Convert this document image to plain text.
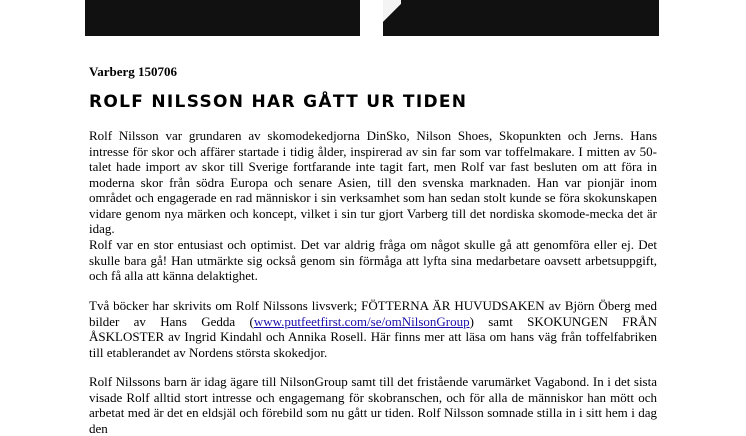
Varberg 150706
ROLF NILSSON HAR GÅTT UR TIDEN

Rolf Nilsson var grundaren av skomodekedjorna DinSko, Nilson Shoes, Skopunkten och Jerns. Hans intresse för skor och affärer startade i tidig ålder, inspirerad av sin far som var toffelmakare. I mitten av 50-talet hade import av skor till Sverige fortfarande inte tagit fart, men Rolf var fast besluten om att föra in moderna skor från södra Europa och senare Asien, till den svenska marknaden. Han var pionjär inom området och engagerade en rad människor i sin verksamhet som han sedan stolt kunde se föra skokunskapen vidare genom nya märken och koncept, vilket i sin tur gjort Varberg till det nordiska skomode-mecka det är idag.

Rolf var en stor entusiast och optimist. Det var aldrig fråga om något skulle gå att genomföra eller ej. Det skulle bara gå! Han utmärkte sig också genom sin förmåga att lyfta sina medarbetare oavsett arbetsuppgift, och få alla att känna delaktighet.

Två böcker har skrivits om Rolf Nilssons livsverk; FÖTTERNA ÄR HUVUDSAKEN av Björn Öberg med bilder av Hans Gedda (www.putfeetfirst.com/se/omNilsonGroup) samt SKOKUNGEN FRÅN ÅSKLOSTER av Ingrid Kindahl och Annika Rosell. Här finns mer att läsa om hans väg från toffelfabriken till etablerandet av Nordens största skokedjor.

Rolf Nilssons barn är idag ägare till NilsonGroup samt till det fristående varumärket Vagabond. In i det sista visade Rolf alltid stort intresse och engagemang för skobranschen, och för alla de människor han mött och arbetat med är det en eldsjäl och förebild som nu gått ur tiden. Rolf Nilsson somnade stilla in i sitt hem i dag den
